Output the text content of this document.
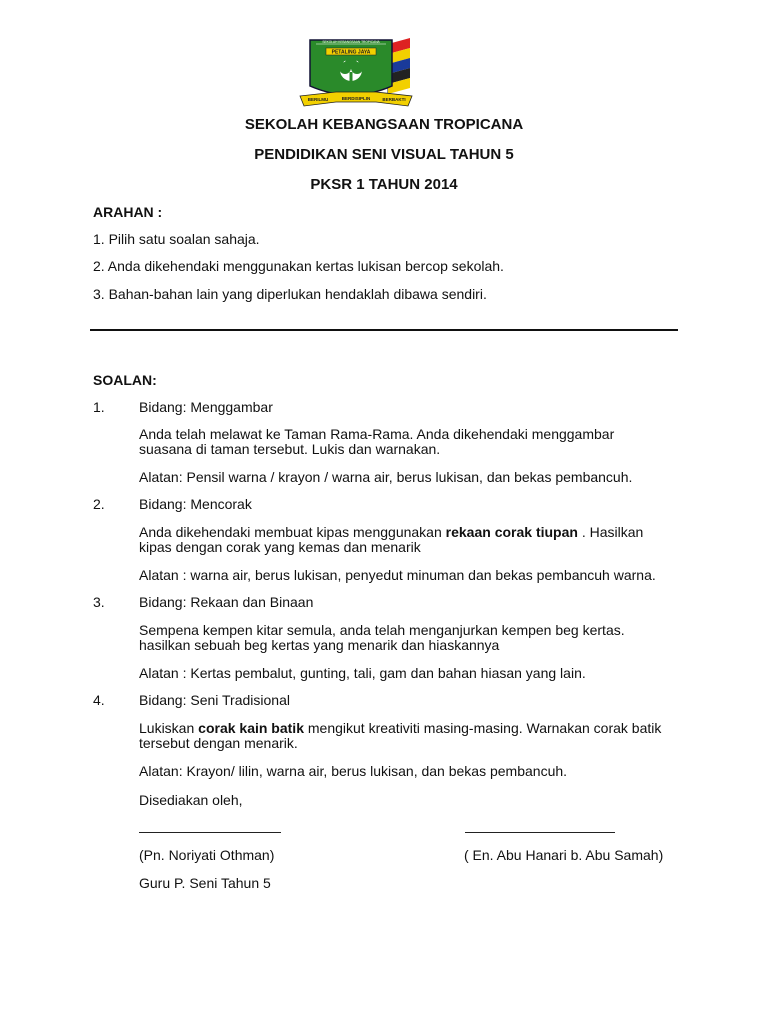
PETALING JAYA
SEKOLAH KEBANGSAAN TROPICANA
BERILMU	BERDISIPLIN	BERBAKTI
SEKOLAH KEBANGSAAN TROPICANA
PENDIDIKAN SENI VISUAL TAHUN 5
PKSR 1 TAHUN 2014
ARAHAN :
1. Pilih satu soalan sahaja.
2. Anda dikehendaki menggunakan kertas lukisan bercop sekolah.
3. Bahan-bahan lain yang diperlukan hendaklah dibawa sendiri.
SOALAN:
1. Bidang: Menggambar
Anda telah melawat ke Taman Rama-Rama. Anda dikehendaki menggambar
suasana di taman tersebut. Lukis dan warnakan.
Alatan: Pensil warna / krayon / warna air, berus lukisan, dan bekas pembancuh.
2. Bidang: Mencorak
Anda dikehendaki membuat kipas menggunakan rekaan corak tiupan . Hasilkan
kipas dengan corak yang kemas dan menarik
Alatan : warna air, berus lukisan, penyedut minuman dan bekas pembancuh warna.
3. Bidang: Rekaan dan Binaan
Sempena kempen kitar semula, anda telah menganjurkan kempen beg kertas.
hasilkan sebuah beg kertas yang menarik dan hiaskannya
Alatan : Kertas pembalut, gunting, tali, gam dan bahan hiasan yang lain.
4. Bidang: Seni Tradisional
Lukiskan corak kain batik mengikut kreativiti masing-masing. Warnakan corak batik
tersebut dengan menarik.
Alatan: Krayon/ lilin, warna air, berus lukisan, dan bekas pembancuh.
Disediakan oleh,
(Pn. Noriyati Othman)	( En. Abu Hanari b. Abu Samah)
Guru P. Seni Tahun 5
